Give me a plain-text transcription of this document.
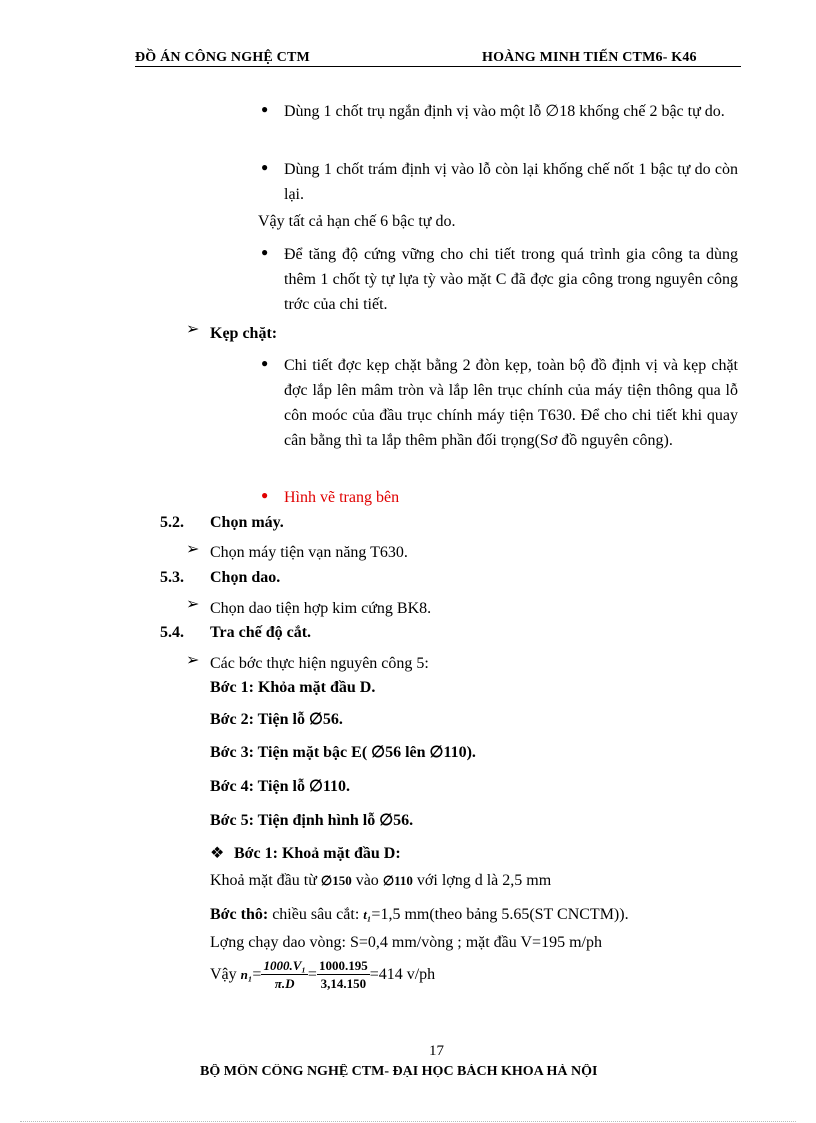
ĐỒ ÁN CÔNG NGHỆ CTM	HOÀNG MINH TIẾN CTM6- K46
● Dùng 1 chốt trụ ngắn định vị vào một lỗ ∅18 khống chế 2 bậc tự do.
● Dùng 1 chốt trám định vị vào lỗ còn lại khống chế nốt 1 bậc tự do còn lại.
Vậy tất cả hạn chế 6 bậc tự do.
● Để tăng độ cứng vững cho chi tiết trong quá trình gia công ta dùng thêm 1 chốt tỳ tự lựa tỳ vào mặt C đã đợc gia công trong nguyên công trớc của chi tiết.
➢ Kẹp chặt:
● Chi tiết đợc kẹp chặt bằng 2 đòn kẹp, toàn bộ đồ định vị và kẹp chặt đợc lắp lên mâm tròn và lắp lên trục chính của máy tiện thông qua lỗ côn moóc của đầu trục chính máy tiện T630. Để cho chi tiết khi quay cân bằng thì ta lắp thêm phần đối trọng(Sơ đồ nguyên công).
● Hình vẽ trang bên
5.2. Chọn máy.
➢ Chọn máy tiện vạn năng T630.
5.3. Chọn dao.
➢ Chọn dao tiện hợp kim cứng BK8.
5.4. Tra chế độ cắt.
➢ Các bớc thực hiện nguyên công 5:
Bớc 1: Khỏa mặt đầu D.
Bớc 2: Tiện lỗ ∅56.
Bớc 3: Tiện mặt bậc E( ∅56 lên ∅110).
Bớc 4: Tiện lỗ ∅110.
Bớc 5: Tiện định hình lỗ ∅56.
❖ Bớc 1: Khoả mặt đầu D:
Khoả mặt đầu từ ∅150 vào ∅110 với lợng d là 2,5 mm
Bớc thô: chiều sâu cắt: t₁=1,5 mm(theo bảng 5.65(ST CNCTM)).
Lợng chạy dao vòng: S=0,4 mm/vòng ; mặt đầu V=195 m/ph
Vậy $n_1= \frac{\text{1000.V₁}}{\pi.D} = \frac{1000.195}{3,14.150} =414$ v/ph
17
BỘ MÔN CÔNG NGHỆ CTM- ĐẠI HỌC BÁCH KHOA HÀ NỘI
